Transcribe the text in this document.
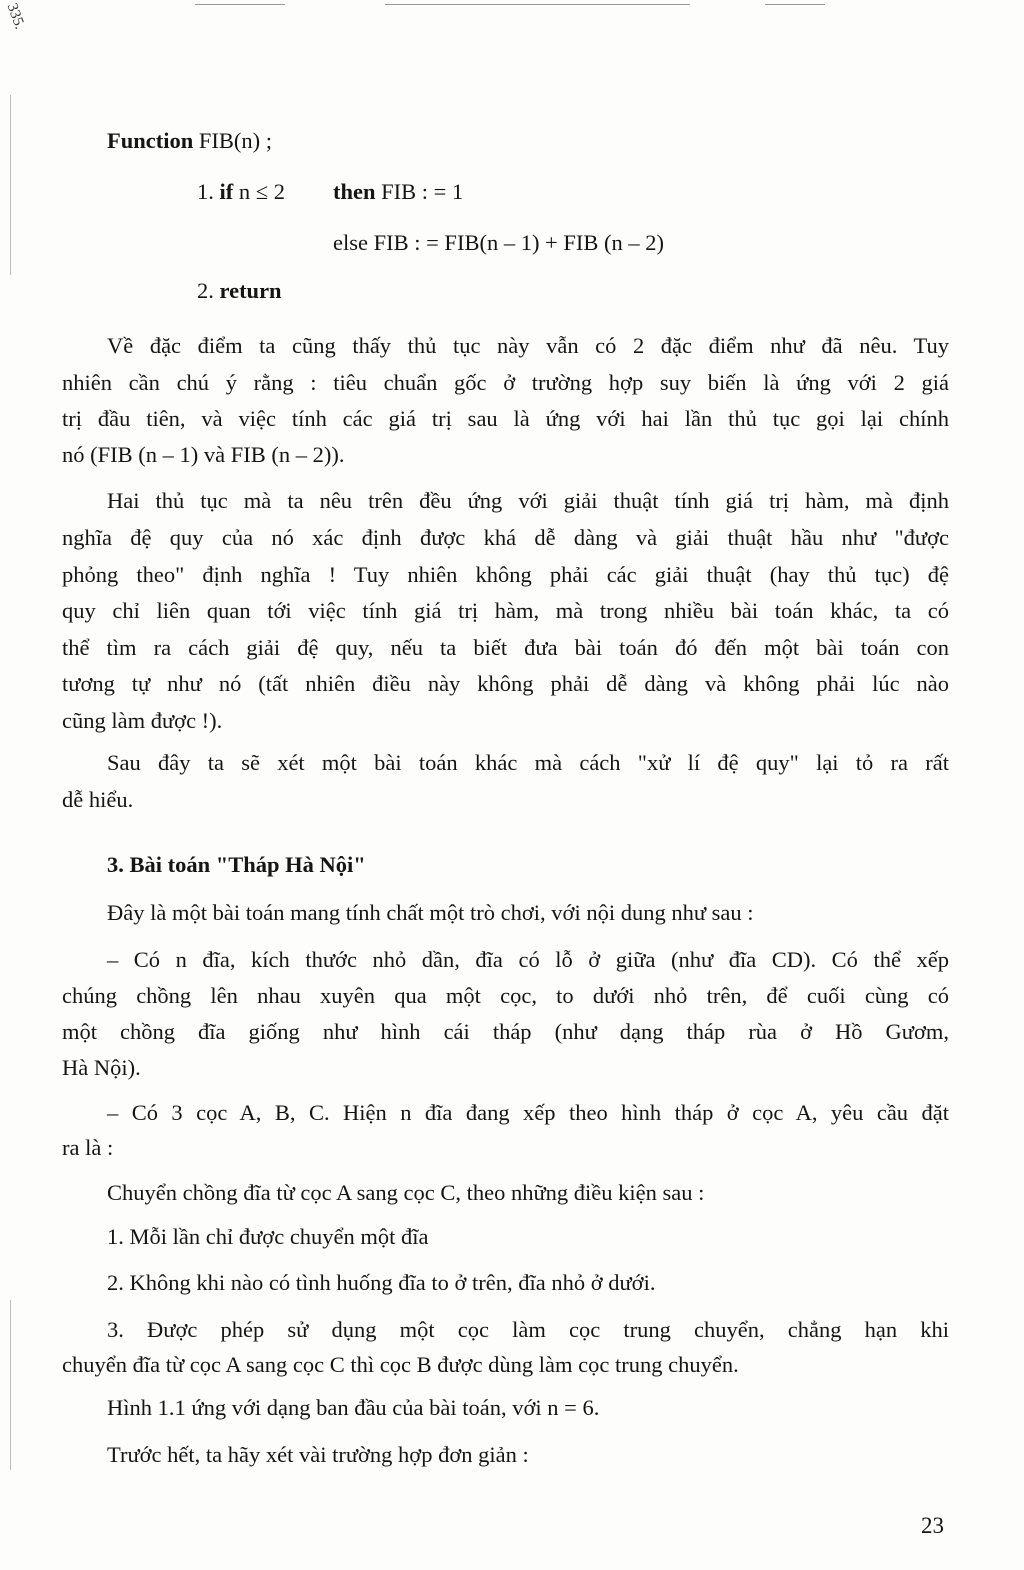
335.
Function FIB(n) ;
1. if n ≤ 2 then FIB : = 1
else FIB : = FIB(n – 1) + FIB (n – 2)
2. return
Về đặc điểm ta cũng thấy thủ tục này vẫn có 2 đặc điểm như đã nêu. Tuy
nhiên cần chú ý rằng : tiêu chuẩn gốc ở trường hợp suy biến là ứng với 2 giá
trị đầu tiên, và việc tính các giá trị sau là ứng với hai lần thủ tục gọi lại chính
nó (FIB (n – 1) và FIB (n – 2)).
Hai thủ tục mà ta nêu trên đều ứng với giải thuật tính giá trị hàm, mà định
nghĩa đệ quy của nó xác định được khá dễ dàng và giải thuật hầu như "được
phỏng theo" định nghĩa ! Tuy nhiên không phải các giải thuật (hay thủ tục) đệ
quy chỉ liên quan tới việc tính giá trị hàm, mà trong nhiều bài toán khác, ta có
thể tìm ra cách giải đệ quy, nếu ta biết đưa bài toán đó đến một bài toán con
tương tự như nó (tất nhiên điều này không phải dễ dàng và không phải lúc nào
cũng làm được !).
Sau đây ta sẽ xét một bài toán khác mà cách "xử lí đệ quy" lại tỏ ra rất
dễ hiểu.
3. Bài toán "Tháp Hà Nội"
Đây là một bài toán mang tính chất một trò chơi, với nội dung như sau :
– Có n đĩa, kích thước nhỏ dần, đĩa có lỗ ở giữa (như đĩa CD). Có thể xếp
chúng chồng lên nhau xuyên qua một cọc, to dưới nhỏ trên, để cuối cùng có
một chồng đĩa giống như hình cái tháp (như dạng tháp rùa ở Hồ Gươm,
Hà Nội).
– Có 3 cọc A, B, C. Hiện n đĩa đang xếp theo hình tháp ở cọc A, yêu cầu đặt
ra là :
Chuyển chồng đĩa từ cọc A sang cọc C, theo những điều kiện sau :
1. Mỗi lần chỉ được chuyển một đĩa
2. Không khi nào có tình huống đĩa to ở trên, đĩa nhỏ ở dưới.
3. Được phép sử dụng một cọc làm cọc trung chuyển, chẳng hạn khi
chuyển đĩa từ cọc A sang cọc C thì cọc B được dùng làm cọc trung chuyển.
Hình 1.1 ứng với dạng ban đầu của bài toán, với n = 6.
Trước hết, ta hãy xét vài trường hợp đơn giản :
23
